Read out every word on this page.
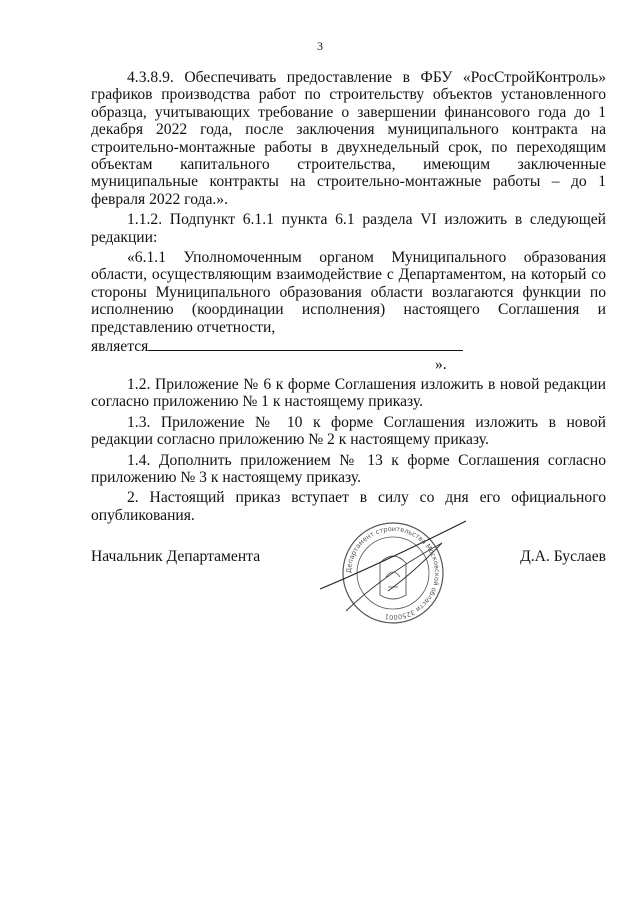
3

4.3.8.9. Обеспечивать предоставление в ФБУ «РосСтройКонтроль» графиков производства работ по строительству объектов установленного образца, учитывающих требование о завершении финансового года до 1 декабря 2022 года, после заключения муниципального контракта на строительно-монтажные работы в двухнедельный срок, по переходящим объектам капитального строительства, имеющим заключенные муниципальные контракты на строительно-монтажные работы – до 1 февраля 2022 года.».

1.1.2. Подпункт 6.1.1 пункта 6.1 раздела VI изложить в следующей редакции:

«6.1.1 Уполномоченным органом Муниципального образования области, осуществляющим взаимодействие с Департаментом, на который со стороны Муниципального образования области возлагаются функции по исполнению (координации исполнения) настоящего Соглашения и представлению отчетности,

является

».

1.2. Приложение № 6 к форме Соглашения изложить в новой редакции согласно приложению № 1 к настоящему приказу.

1.3. Приложение № 10 к форме Соглашения изложить в новой редакции согласно приложению № 2 к настоящему приказу.

1.4. Дополнить приложением № 13 к форме Соглашения согласно приложению № 3 к настоящему приказу.

2. Настоящий приказ вступает в силу со дня его официального опубликования.

Департамент строительства Московской области 3250001
Начальник Департамента	Д.А. Буслаев
